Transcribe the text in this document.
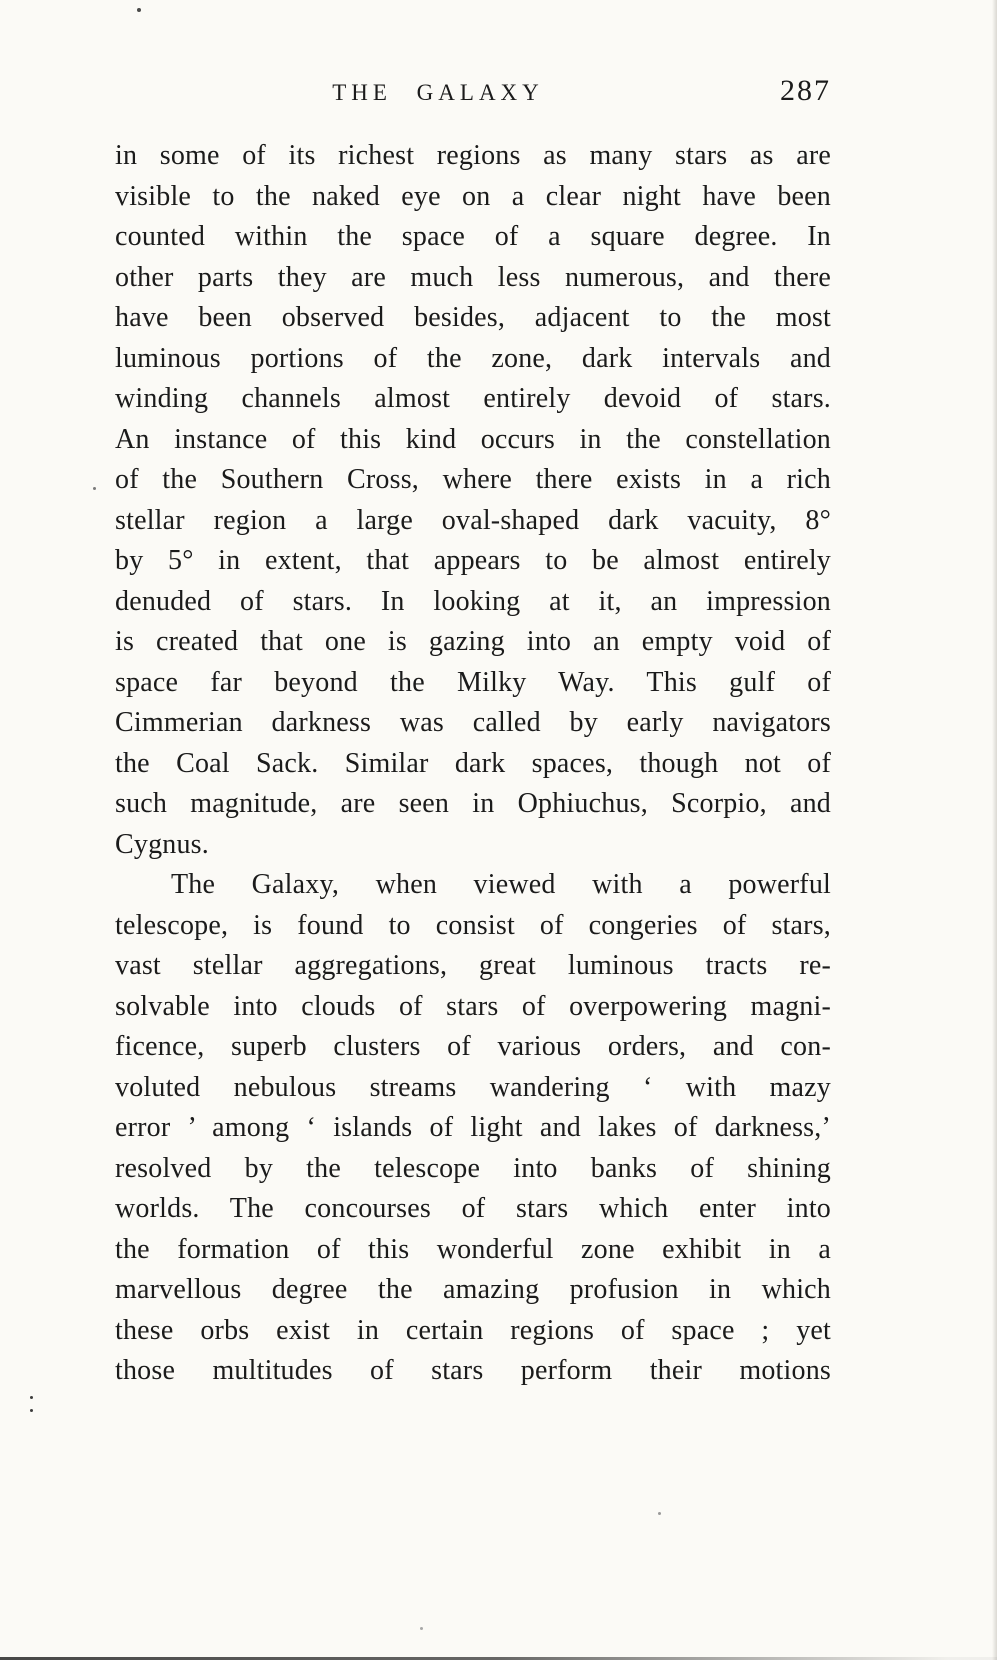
THE GALAXY	287
in some of its richest regions as many stars as are
visible to the naked eye on a clear night have been
counted within the space of a square degree. In
other parts they are much less numerous, and there
have been observed besides, adjacent to the most
luminous portions of the zone, dark intervals and
winding channels almost entirely devoid of stars.
An instance of this kind occurs in the constellation
of the Southern Cross, where there exists in a rich
stellar region a large oval-shaped dark vacuity, 8°
by 5° in extent, that appears to be almost entirely
denuded of stars. In looking at it, an impression
is created that one is gazing into an empty void of
space far beyond the Milky Way. This gulf of
Cimmerian darkness was called by early navigators
the Coal Sack. Similar dark spaces, though not of
such magnitude, are seen in Ophiuchus, Scorpio, and
Cygnus.
The Galaxy, when viewed with a powerful
telescope, is found to consist of congeries of stars,
vast stellar aggregations, great luminous tracts re-
solvable into clouds of stars of overpowering magni-
ficence, superb clusters of various orders, and con-
voluted nebulous streams wandering ‘ with mazy
error ’ among ‘ islands of light and lakes of darkness,’
resolved by the telescope into banks of shining
worlds. The concourses of stars which enter into
the formation of this wonderful zone exhibit in a
marvellous degree the amazing profusion in which
these orbs exist in certain regions of space ; yet
those multitudes of stars perform their motions
